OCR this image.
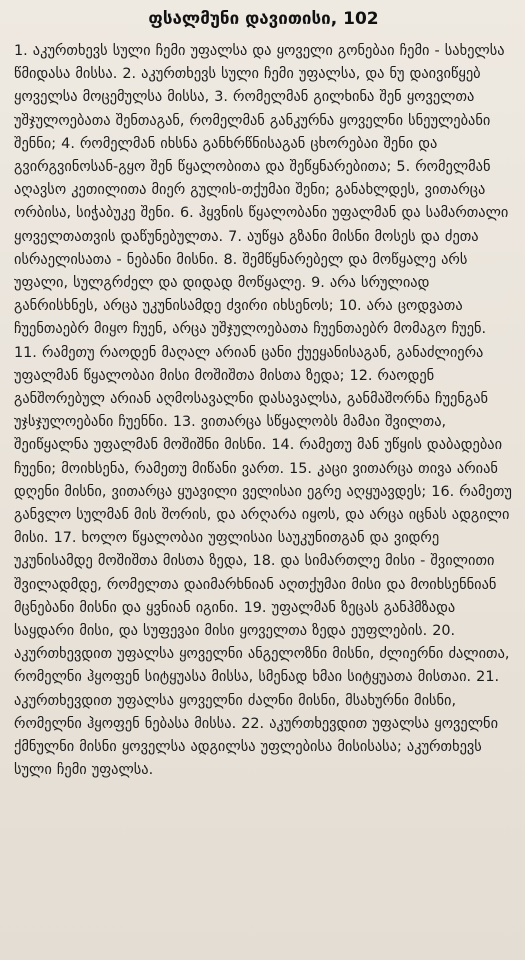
ფსალმუნი დავითისი, 102

1. აკურთხევს სული ჩემი უფალსა და ყოველი გონებაი ჩემი - სახელსა წმიდასა მისსა. 2. აკურთხევს სული ჩემი უფალსა, და ნუ დაივიწყებ ყოველსა მოცემულსა მისსა, 3. რომელმან გილხინა შენ ყოველთა უშჯულოებათა შენთაგან, რომელმან განკურნა ყოველნი სნეულებანი შენნი; 4. რომელმან იხსნა განხრწნისაგან ცხორებაი შენი და გვირგვინოსან-გყო შენ წყალობითა და შეწყნარებითა; 5. რომელმან აღავსო კეთილითა მიერ გულის-თქუმაი შენი; განახლდეს, ვითარცა ორბისა, სიჭაბუკე შენი. 6. ჰყვნის წყალობანი უფალმან და სამართალი ყოველთათვის დაწუნებულთა. 7. აუწყა გზანი მისნი მოსეს და ძეთა ისრაელისათა - ნებანი მისნი. 8. შემწყნარებელ და მოწყალე არს უფალი, სულგრძელ და დიდად მოწყალე. 9. არა სრულიად განრისხნეს, არცა უკუნისამდე ძვირი იხსენოს; 10. არა ცოდვათა ჩუენთაებრ მიყო ჩუენ, არცა უშჯულოებათა ჩუენთაებრ მომაგო ჩუენ. 11. რამეთუ რაოდენ მაღალ არიან ცანი ქუეყანისაგან, განაძლიერა უფალმან წყალობაი მისი მოშიშთა მისთა ზედა; 12. რაოდენ განშორებულ არიან აღმოსავალნი დასავალსა, განმაშორნა ჩუენგან უჯსჯულოებანი ჩუენნი. 13. ვითარცა სწყალობს მამაი შვილთა, შეიწყალნა უფალმან მოშიშნი მისნი. 14. რამეთუ მან უწყის დაბადებაი ჩუენი; მოიხსენა, რამეთუ მიწანი ვართ. 15. კაცი ვითარცა თივა არიან დღენი მისნი, ვითარცა ყუავილი ველისაი ეგრე აღყუავდეს; 16. რამეთუ განვლო სულმან მის შორის, და არღარა იყოს, და არცა იცნას ადგილი მისი. 17. ხოლო წყალობაი უფლისაი საუკუნითგან და ვიდრე უკუნისამდე მოშიშთა მისთა ზედა, 18. და სიმართლე მისი - შვილითი შვილადმდე, რომელთა დაიმარხნიან აღთქუმაი მისი და მოიხსენნიან მცნებანი მისნი და ყვნიან იგინი. 19. უფალმან ზეცას განჰმზადა საყდარი მისი, და სუფევაი მისი ყოველთა ზედა ეუფლების. 20. აკურთხევდით უფალსა ყოველნი ანგელოზნი მისნი, ძლიერნი ძალითა, რომელნი ჰყოფენ სიტყუასა მისსა, სმენად ხმაი სიტყუათა მისთაი. 21. აკურთხევდით უფალსა ყოველნი ძალნი მისნი, მსახურნი მისნი, რომელნი ჰყოფენ ნებასა მისსა. 22. აკურთხევდით უფალსა ყოველნი ქმნულნი მისნი ყოველსა ადგილსა უფლებისა მისისასა; აკურთხევს სული ჩემი უფალსა.
